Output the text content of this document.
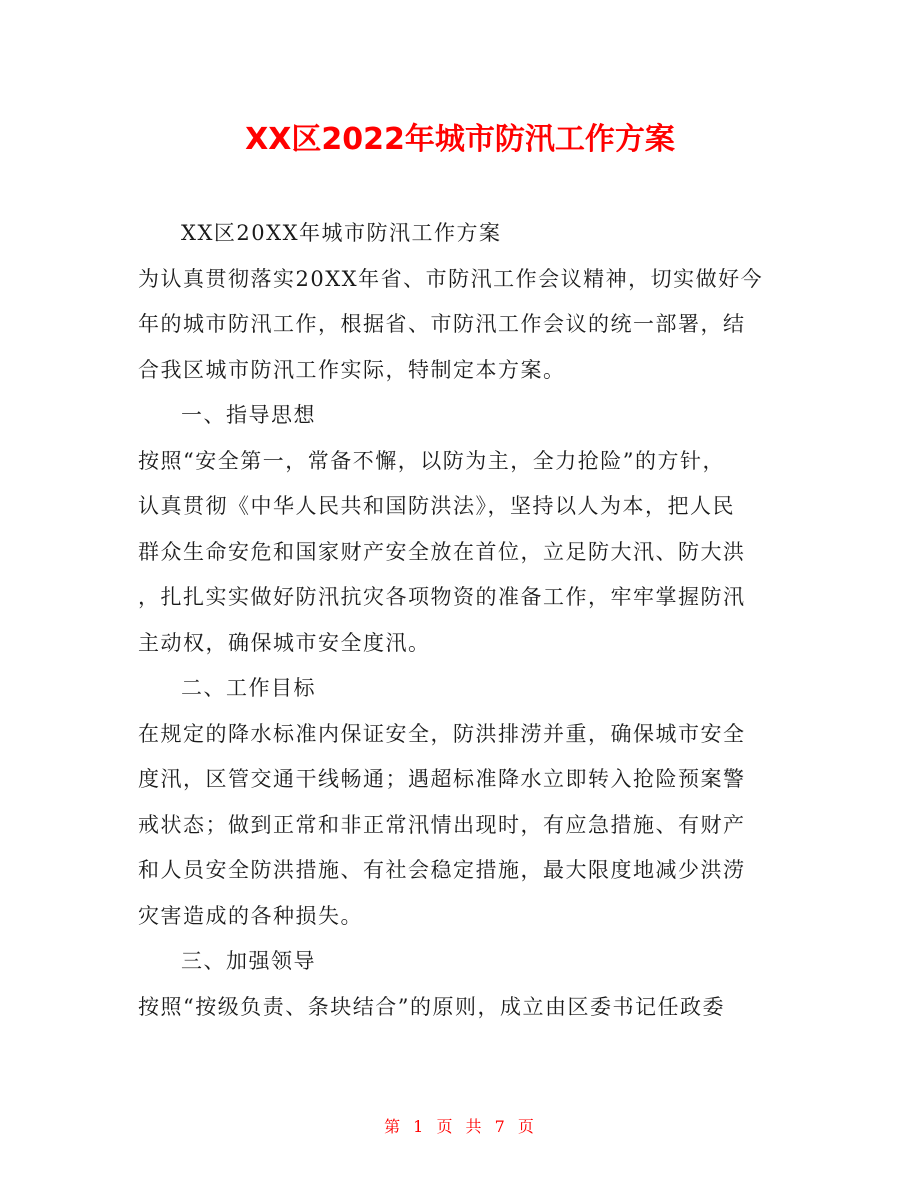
XX区2022年城市防汛工作方案
XX区20XX年城市防汛工作方案
为认真贯彻落实20XX年省、市防汛工作会议精神，切实做好今
年的城市防汛工作，根据省、市防汛工作会议的统一部署，结
合我区城市防汛工作实际，特制定本方案。
一、指导思想
按照“安全第一，常备不懈，以防为主，全力抢险”的方针，
认真贯彻《中华人民共和国防洪法》，坚持以人为本，把人民
群众生命安危和国家财产安全放在首位，立足防大汛、防大洪
，扎扎实实做好防汛抗灾各项物资的准备工作，牢牢掌握防汛
主动权，确保城市安全度汛。
二、工作目标
在规定的降水标准内保证安全，防洪排涝并重，确保城市安全
度汛，区管交通干线畅通；遇超标准降水立即转入抢险预案警
戒状态；做到正常和非正常汛情出现时，有应急措施、有财产
和人员安全防洪措施、有社会稳定措施，最大限度地减少洪涝
灾害造成的各种损失。
三、加强领导
按照“按级负责、条块结合”的原则，成立由区委书记任政委
第 1 页 共 7 页
